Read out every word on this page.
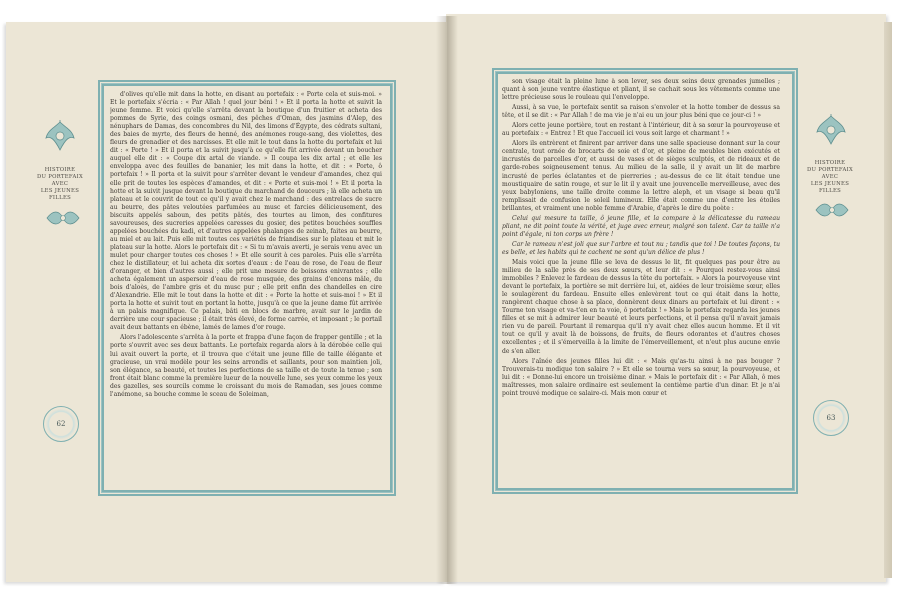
d'olives qu'elle mit dans la hotte, en disant au portefaix : « Porte cela et suis-moi. » Et le portefaix s'écria : « Par Allah ! quel jour béni ! » Et il porta la hotte et suivit la jeune femme. Et voici qu'elle s'arrêta devant la boutique d'un fruitier et acheta des pommes de Syrie, des coings osmani, des pêches d'Oman, des jasmins d'Alep, des nénuphars de Damas, des concombres du Nil, des limons d'Égypte, des cédrats sultani, des baies de myrte, des fleurs de henné, des anémones rouge-sang, des violettes, des fleurs de grenadier et des narcisses. Et elle mit le tout dans la hotte du portefaix et lui dit : « Porte ! » Et il porta et la suivit jusqu'à ce qu'elle fût arrivée devant un boucher auquel elle dit : « Coupe dix artal de viande. » Il coupa les dix artal ; et elle les enveloppa avec des feuilles de bananier, les mit dans la hotte, et dit : « Porte, ô portefaix ! » Il porta et la suivit pour s'arrêter devant le vendeur d'amandes, chez qui elle prit de toutes les espèces d'amandes, et dit : « Porte et suis-moi ! » Et il porta la hotte et la suivit jusque devant la boutique du marchand de douceurs ; là elle acheta un plateau et le couvrit de tout ce qu'il y avait chez le marchand : des entrelacs de sucre au beurre, des pâtes veloutées parfumées au musc et farcies délicieusement, des biscuits appelés saboun, des petits pâtés, des tourtes au limon, des confitures savoureuses, des sucreries appelées caresses du gosier, des petites bouchées souffles appelées bouchées du kadi, et d'autres appelées phalanges de zeinab, faites au beurre, au miel et au lait. Puis elle mit toutes ces variétés de friandises sur le plateau et mit le plateau sur la hotte. Alors le portefaix dit : « Si tu m'avais averti, je serais venu avec un mulet pour charger toutes ces choses ! » Et elle sourit à ces paroles. Puis elle s'arrêta chez le distillateur, et lui acheta dix sortes d'eaux : de l'eau de rose, de l'eau de fleur d'oranger, et bien d'autres aussi ; elle prit une mesure de boissons enivrantes ; elle acheta également un aspersoir d'eau de rose musquée, des grains d'encens mâle, du bois d'aloès, de l'ambre gris et du musc pur ; elle prit enfin des chandelles en cire d'Alexandrie. Elle mit le tout dans la hotte et dit : « Porte la hotte et suis-moi ! » Et il porta la hotte et suivit tout en portant la hotte, jusqu'à ce que la jeune dame fût arrivée à un palais magnifique. Ce palais, bâti en blocs de marbre, avait sur le jardin de derrière une cour spacieuse ; il était très élevé, de forme carrée, et imposant ; le portail avait deux battants en ébène, lamés de lames d'or rouge.

Alors l'adolescente s'arrêta à la porte et frappa d'une façon de frapper gentille ; et la porte s'ouvrit avec ses deux battants. Le portefaix regarda alors à la dérobée celle qui lui avait ouvert la porte, et il trouva que c'était une jeune fille de taille élégante et gracieuse, un vrai modèle pour les seins arrondis et saillants, pour son maintien joli, son élégance, sa beauté, et toutes les perfections de sa taille et de toute la tenue ; son front était blanc comme la première lueur de la nouvelle lune, ses yeux comme les yeux des gazelles, ses sourcils comme le croissant du mois de Ramadan, ses joues comme l'anémone, sa bouche comme le sceau de Soleiman,

son visage était la pleine lune à son lever, ses deux seins deux grenades jumelles ; quant à son jeune ventre élastique et pliant, il se cachait sous les vêtements comme une lettre précieuse sous le rouleau qui l'enveloppe.

Aussi, à sa vue, le portefaix sentit sa raison s'envoler et la hotte tomber de dessus sa tête, et il se dit : « Par Allah ! de ma vie je n'ai eu un jour plus béni que ce jour-ci ! »

Alors cette jeune portière, tout en restant à l'intérieur, dit à sa sœur la pourvoyeuse et au portefaix : « Entrez ! Et que l'accueil ici vous soit large et charmant ! »

Alors ils entrèrent et finirent par arriver dans une salle spacieuse donnant sur la cour centrale, tout ornée de brocarts de soie et d'or, et pleine de meubles bien exécutés et incrustés de parcelles d'or, et aussi de vases et de sièges sculptés, et de rideaux et de garde-robes soigneusement tenus. Au milieu de la salle, il y avait un lit de marbre incrusté de perles éclatantes et de pierreries ; au-dessus de ce lit était tendue une moustiquaire de satin rouge, et sur le lit il y avait une jouvencelle merveilleuse, avec des yeux babyloniens, une taille droite comme la lettre aleph, et un visage si beau qu'il remplissait de confusion le soleil lumineux. Elle était comme une d'entre les étoiles brillantes, et vraiment une noble femme d'Arabie, d'après le dire du poète :

Celui qui mesure ta taille, ô jeune fille, et la compare à la délicatesse du rameau pliant, ne dit point toute la vérité, et juge avec erreur, malgré son talent. Car ta taille n'a point d'égale, ni ton corps un frère !

Car le rameau n'est joli que sur l'arbre et tout nu ; tandis que toi ! De toutes façons, tu es belle, et les habits qui te cachent ne sont qu'un délice de plus !

Mais voici que la jeune fille se leva de dessus le lit, fit quelques pas pour être au milieu de la salle près de ses deux sœurs, et leur dit : « Pourquoi restez-vous ainsi immobiles ? Enlevez le fardeau de dessus la tête du portefaix. » Alors la pourvoyeuse vint devant le portefaix, la portière se mit derrière lui, et, aidées de leur troisième sœur, elles le soulagèrent du fardeau. Ensuite elles enlevèrent tout ce qui était dans la hotte, rangèrent chaque chose à sa place, donnèrent deux dinars au portefaix et lui dirent : « Tourne ton visage et va-t'en en ta voie, ô portefaix ! » Mais le portefaix regarda les jeunes filles et se mit à admirer leur beauté et leurs perfections, et il pensa qu'il n'avait jamais rien vu de pareil. Pourtant il remarqua qu'il n'y avait chez elles aucun homme. Et il vit tout ce qu'il y avait là de boissons, de fruits, de fleurs odorantes et d'autres choses excellentes ; et il s'émerveilla à la limite de l'émerveillement, et n'eut plus aucune envie de s'en aller.

Alors l'aînée des jeunes filles lui dit : « Mais qu'as-tu ainsi à ne pas bouger ? Trouverais-tu modique ton salaire ? » Et elle se tourna vers sa sœur, la pourvoyeuse, et lui dit : « Donne-lui encore un troisième dinar. » Mais le portefaix dit : « Par Allah, ô mes maîtresses, mon salaire ordinaire est seulement la centième partie d'un dinar. Et je n'ai point trouvé modique ce salaire-ci. Mais mon cœur et

HISTOIRE
DU PORTEFAIX
AVEC
LES JEUNES FILLES
62
HISTOIRE
DU PORTEFAIX
AVEC
LES JEUNES FILLES
63
